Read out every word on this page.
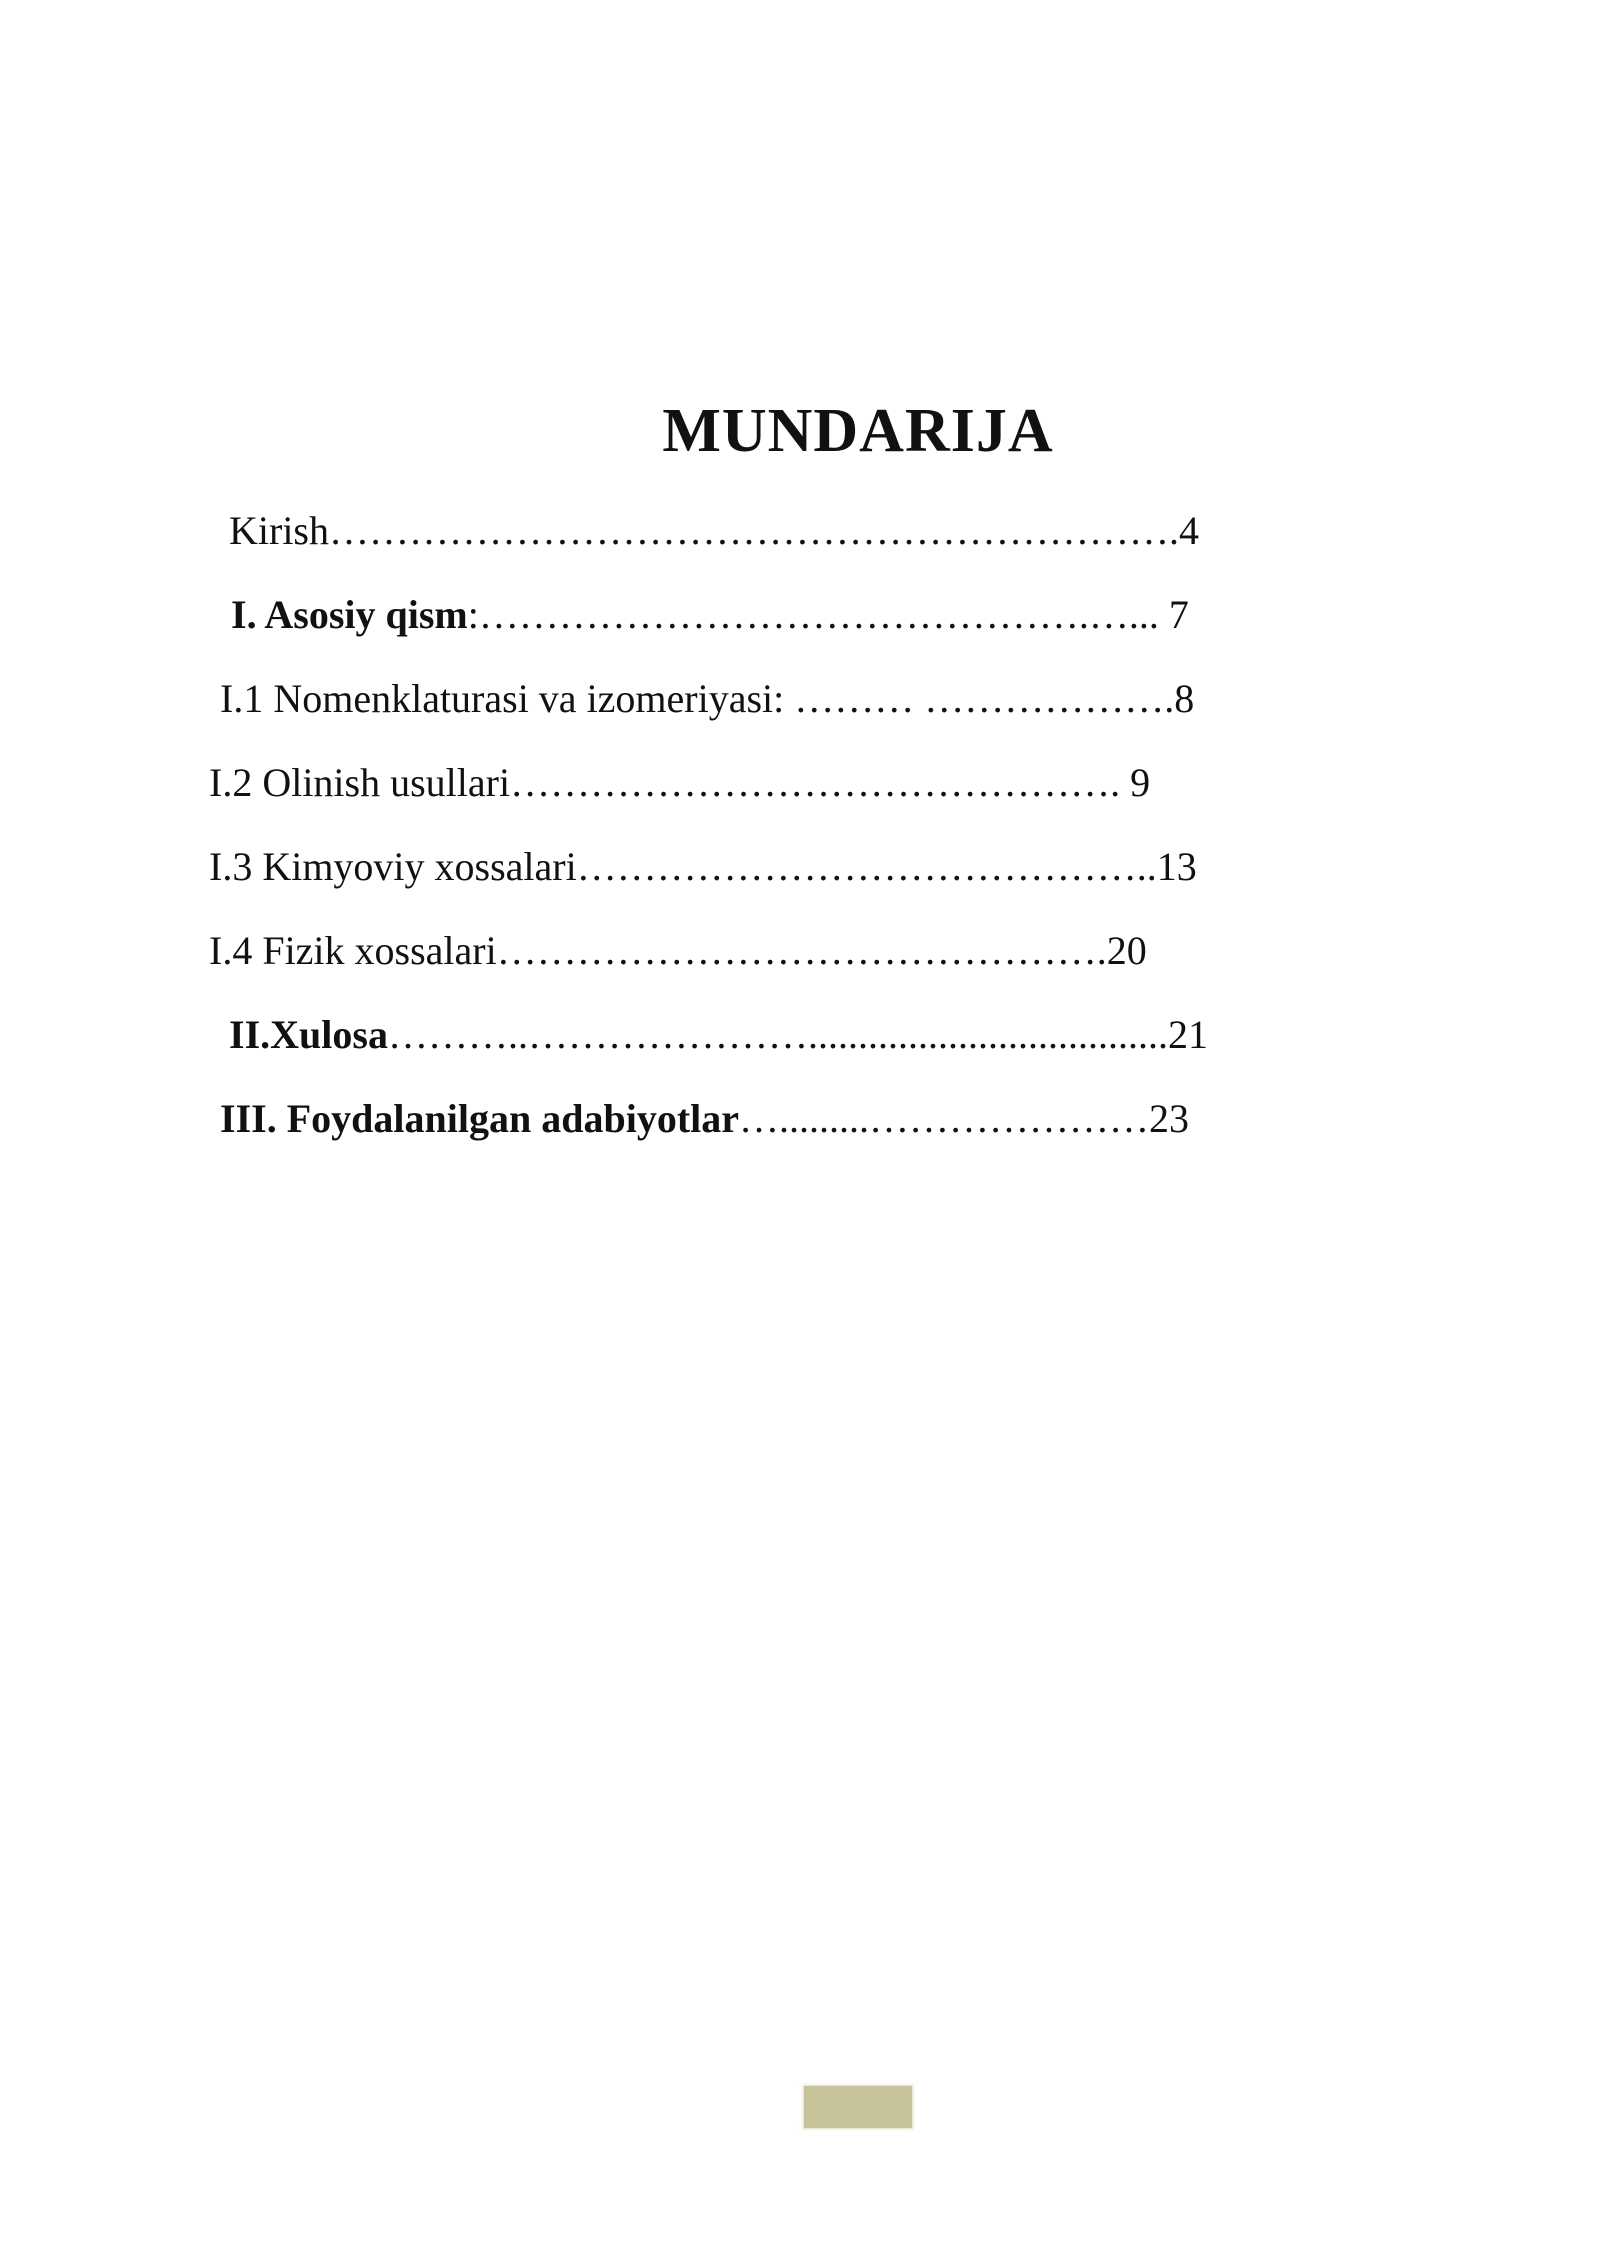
MUNDARIJA
Kirish……………………………………………………….4
I. Asosiy qism:……………………………………….…... 7
I.1 Nomenklaturasi va izomeriyasi: ……… ……………….8
I.2 Olinish usullari………………………………………. 9
I.3 Kimyoviy xossalari……………………………………..13
I.4 Fizik xossalari……………………………………….20
II.Xulosa………..…………………....................................21
III. Foydalanilgan adabiyotlar….........…………………23
